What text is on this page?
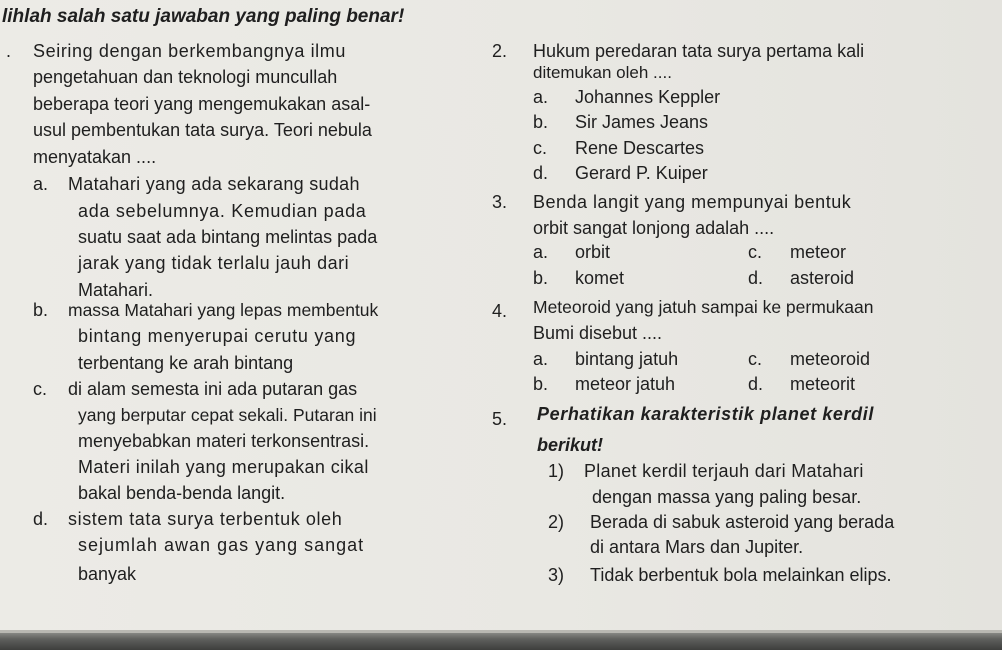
lihlah salah satu jawaban yang paling benar!
. Seiring dengan berkembangnya ilmu
pengetahuan dan teknologi muncullah
beberapa teori yang mengemukakan asal-
usul pembentukan tata surya. Teori nebula
menyatakan ....
a. Matahari yang ada sekarang sudah
ada sebelumnya. Kemudian pada
suatu saat ada bintang melintas pada
jarak yang tidak terlalu jauh dari
Matahari.
b. massa Matahari yang lepas membentuk
bintang menyerupai cerutu yang
terbentang ke arah bintang
c. di alam semesta ini ada putaran gas
yang berputar cepat sekali. Putaran ini
menyebabkan materi terkonsentrasi.
Materi inilah yang merupakan cikal
bakal benda-benda langit.
d. sistem tata surya terbentuk oleh
sejumlah awan gas yang sangat
banyak
2. Hukum peredaran tata surya pertama kali
ditemukan oleh ....
a. Johannes Keppler
b. Sir James Jeans
c. Rene Descartes
d. Gerard P. Kuiper
3. Benda langit yang mempunyai bentuk
orbit sangat lonjong adalah ....
a. orbit	c. meteor
b. komet	d. asteroid
4. Meteoroid yang jatuh sampai ke permukaan
Bumi disebut ....
a. bintang jatuh	c. meteoroid
b. meteor jatuh	d. meteorit
5. Perhatikan karakteristik planet kerdil
berikut!
1) Planet kerdil terjauh dari Matahari
dengan massa yang paling besar.
2) Berada di sabuk asteroid yang berada
di antara Mars dan Jupiter.
3) Tidak berbentuk bola melainkan elips.
